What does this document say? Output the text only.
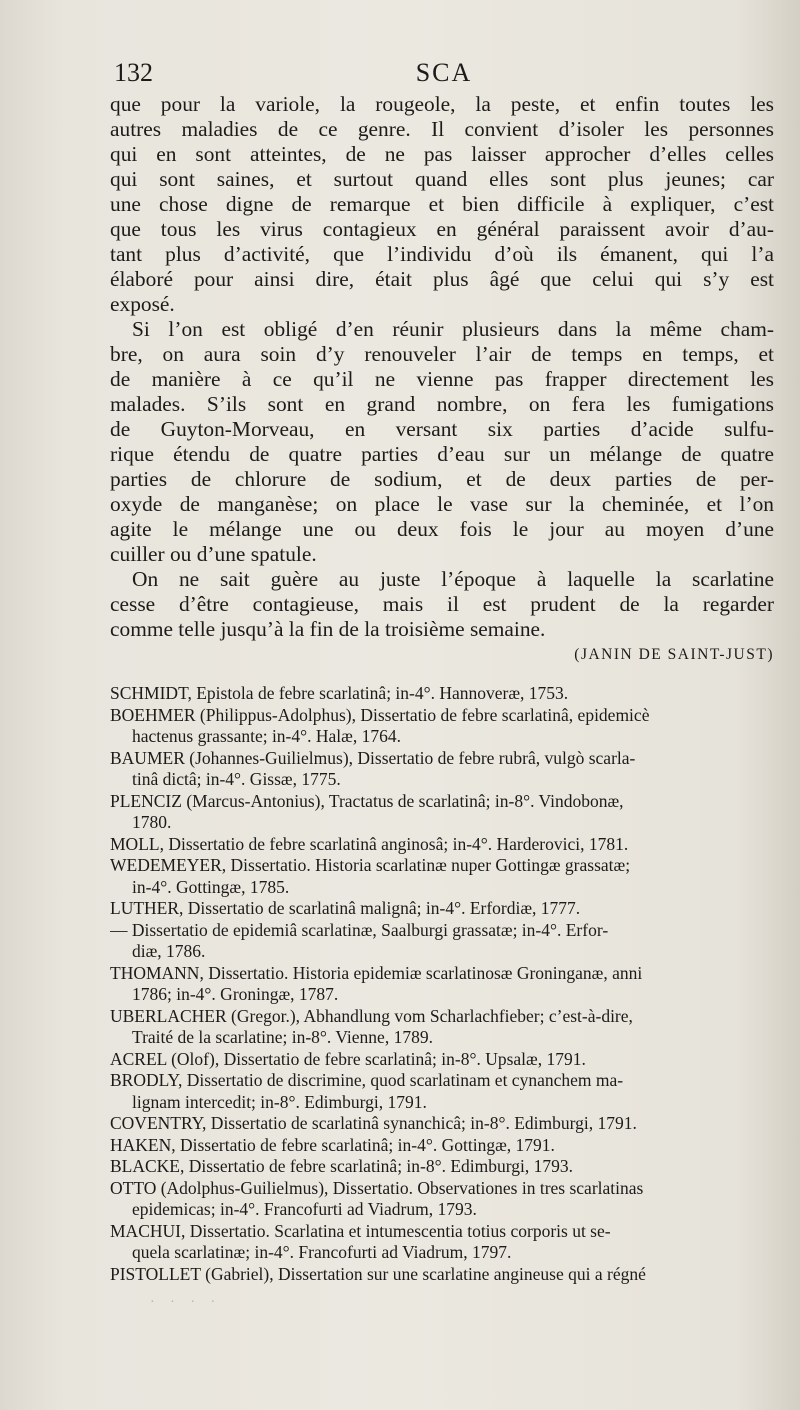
132	SCA
que pour la variole, la rougeole, la peste, et enfin toutes les
autres maladies de ce genre. Il convient d’isoler les personnes
qui en sont atteintes, de ne pas laisser approcher d’elles celles
qui sont saines, et surtout quand elles sont plus jeunes; car
une chose digne de remarque et bien difficile à expliquer, c’est
que tous les virus contagieux en général paraissent avoir d’au-
tant plus d’activité, que l’individu d’où ils émanent, qui l’a
élaboré pour ainsi dire, était plus âgé que celui qui s’y est
exposé.
Si l’on est obligé d’en réunir plusieurs dans la même cham-
bre, on aura soin d’y renouveler l’air de temps en temps, et
de manière à ce qu’il ne vienne pas frapper directement les
malades. S’ils sont en grand nombre, on fera les fumigations
de Guyton-Morveau, en versant six parties d’acide sulfu-
rique étendu de quatre parties d’eau sur un mélange de quatre
parties de chlorure de sodium, et de deux parties de per-
oxyde de manganèse; on place le vase sur la cheminée, et l’on
agite le mélange une ou deux fois le jour au moyen d’une
cuiller ou d’une spatule.
On ne sait guère au juste l’époque à laquelle la scarlatine
cesse d’être contagieuse, mais il est prudent de la regarder
comme telle jusqu’à la fin de la troisième semaine.
(JANIN DE SAINT-JUST)
SCHMIDT, Epistola de febre scarlatinâ; in-4°. Hannoveræ, 1753.
BOEHMER (Philippus-Adolphus), Dissertatio de febre scarlatinâ, epidemicè
hactenus grassante; in-4°. Halæ, 1764.
BAUMER (Johannes-Guilielmus), Dissertatio de febre rubrâ, vulgò scarla-
tinâ dictâ; in-4°. Gissæ, 1775.
PLENCIZ (Marcus-Antonius), Tractatus de scarlatinâ; in-8°. Vindobonæ,
1780.
MOLL, Dissertatio de febre scarlatinâ anginosâ; in-4°. Harderovici, 1781.
WEDEMEYER, Dissertatio. Historia scarlatinæ nuper Gottingæ grassatæ;
in-4°. Gottingæ, 1785.
LUTHER, Dissertatio de scarlatinâ malignâ; in-4°. Erfordiæ, 1777.
— Dissertatio de epidemiâ scarlatinæ, Saalburgi grassatæ; in-4°. Erfor-
diæ, 1786.
THOMANN, Dissertatio. Historia epidemiæ scarlatinosæ Groninganæ, anni
1786; in-4°. Groningæ, 1787.
UBERLACHER (Gregor.), Abhandlung vom Scharlachfieber; c’est-à-dire,
Traité de la scarlatine; in-8°. Vienne, 1789.
ACREL (Olof), Dissertatio de febre scarlatinâ; in-8°. Upsalæ, 1791.
BRODLY, Dissertatio de discrimine, quod scarlatinam et cynanchem ma-
lignam intercedit; in-8°. Edimburgi, 1791.
COVENTRY, Dissertatio de scarlatinâ synanchicâ; in-8°. Edimburgi, 1791.
HAKEN, Dissertatio de febre scarlatinâ; in-4°. Gottingæ, 1791.
BLACKE, Dissertatio de febre scarlatinâ; in-8°. Edimburgi, 1793.
OTTO (Adolphus-Guilielmus), Dissertatio. Observationes in tres scarlatinas
epidemicas; in-4°. Francofurti ad Viadrum, 1793.
MACHUI, Dissertatio. Scarlatina et intumescentia totius corporis ut se-
quela scarlatinæ; in-4°. Francofurti ad Viadrum, 1797.
PISTOLLET (Gabriel), Dissertation sur une scarlatine angineuse qui a régné
· · · ·
